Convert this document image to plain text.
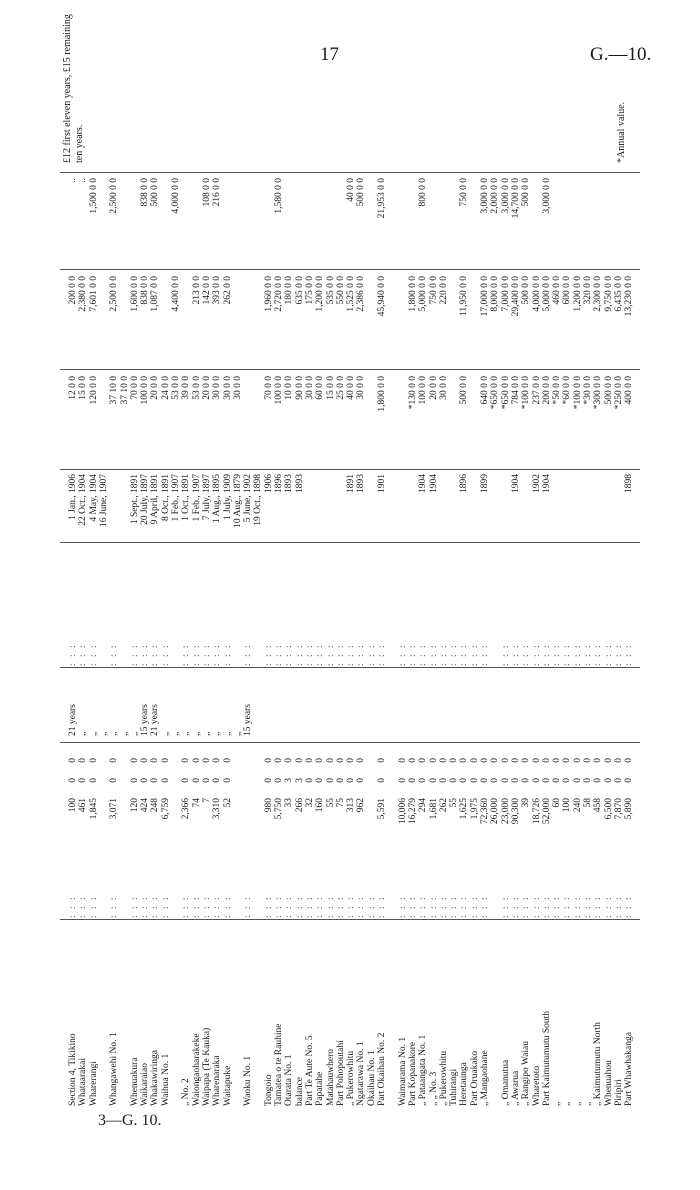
17	G.—10.
Section 4, Tikikino
: : :
100
0
0
21 years
: : :
1 Jan., 1906
12 0 0
200 0 0
..
Whataarakai
: : :
461
0
0
„
: : :
22 Oct., 1904
15 0 0
2,380 0 0
..
Wharerangi
: : :
1,845
0
0
„
: : :
4 May, 1904
120 0 0
7,601 0 0
1,500 0 0
„
16 June, 1907
Whangawehi No. 1
: : :
3,071
0
0
„
: : :
37 10 0
2,500 0 0
2,500 0 0
„
37 10 0
Whenuakura
: : :
120
0
0
„
: : :
1 Sept., 1891
70 0 0
1,600 0 0
Waikaraiao
: : :
424
0
0
15 years
: : :
20 July, 1897
100 0 0
838 0 0
838 0 0
Whakawiringa
: : :
248
0
0
21 years
: : :
9 April, 1891
20 0 0
1,087 0 0
500 0 0
Waihua No. 1
: : :
6,759
0
0
„
: : :
8 Oct., 1891
24 0 0
„
1 Feb., 1907
53 0 0
4,400 0 0
4,000 0 0
„ No. 2
: : :
2,366
0
0
„
: : :
1 Oct., 1891
39 0 0
Waiongaoharakeke
: : :
74
0
0
„
: : :
1 Feb., 1907
53 0 0
213 0 0
Waipapa (Te Kauka)
: : :
7
0
0
„
: : :
7 July, 1897
20 0 0
142 0 0
108 0 0
Wharenaraka
: : :
3,310
0
0
„
: : :
1 Aug., 1895
30 0 0
393 0 0
216 0 0
Waitapuke
: : :
52
0
0
„
: : :
1 July, 1909
30 0 0
262 0 0
„
10 Aug., 1879
30 0 0
Waoku No. 1
: : :
15 years
: : :
5 June, 1902 19 Oct., 1898
Tongoio
: : :
980
0
0
: : :
1906
70 0 0
1,960 0 0
Tamatea o te Rauhine
: : :
5,750
0
0
: : :
1896
100 0 0
2,720 0 0
1,580 0 0
Otarata No. 1
: : :
33
3
0
: : :
1893
10 0 0
180 0 0
balance
: : :
266
3
0
: : :
1893
90 0 0
635 0 0
Part Te Aute No. 5
: : :
32
0
0
: : :
30 0 0
175 0 0
Papatahe
: : :
160
0
0
: : :
60 0 0
1,200 0 0
Matahauwhero
: : :
55
0
0
: : :
15 0 0
535 0 0
Part Pohopoutahi
: : :
75
0
0
: : :
25 0 0
550 0 0
„ Pukerowhitu
: : :
313
0
0
: : :
1891
40 0 0
1,525 0 0
40 0 0
Ngatarawa No. 1
: : :
962
0
0
: : :
1893
30 0 0
2,386 0 0
500 0 0
Okaihau No. 1
: : :
: : :
Part Okaihau No. 2
: : :
5,591
0
0
: : :
1901
1,800 0 0
45,940 0 0
21,953 0 0
Waimarama No. 1
: : :
10,006
0
0
: : :
Part Kopanakore
: : :
16,279
0
0
: : :
*130 0 0
1,800 0 0
„ Pataangata No. 1
: : :
294
0
0
: : :
1904
100 0 0
5,000 0 0
800 0 0
„ „ No. 3
: : :
1,681
0
0
: : :
1904
20 0 0
750 0 0
„ Pukerowhitu
: : :
262
0
0
: : :
30 0 0
220 0 0
Tuhirangi
: : :
55
0
0
: : :
Heretaunga
: : :
1,625
0
0
: : :
1896
500 0 0
11,950 0 0
750 0 0
Part Oruakako
: : :
1,975
0
0
: : :
„ Mangaohane
: : :
72,360
0
0
: : :
1899
640 0 0
17,000 0 0
3,000 0 0
26,000
0
0
*650 0 0
8,000 0 0
2,000 0 0
„ Omanutua
: : :
23,000
0
0
: : :
*650 0 0
7,000 0 0
3,000 0 0
„ Awarua
: : :
90,300
0
0
: : :
1904
784 0 0
29,400 0 0
14,700 0 0
„ Rangipo Waiau
: : :
39
0
0
: : :
*100 0 0
500 0 0
500 0 0
Wharetoto
: : :
18,726
0
0
: : :
1902
237 0 0
4,000 0 0
Part Kaimutumutu South
: : :
52,000
0
0
: : :
1904
200 0 0
5,000 0 0
3,000 0 0
„
: : :
60
0
0
: : :
*50 0 0
460 0 0
„
: : :
100
0
0
: : :
*60 0 0
600 0 0
„
: : :
240
0
0
: : :
*100 0 0
1,200 0 0
„
: : :
58
0
0
: : :
*30 0 0
320 0 0
„ Kaimutumutu North
: : :
458
0
0
: : :
*300 0 0
2,300 0 0
Whenuahou
: : :
6,500
0
0
: : :
500 0 0
9,750 0 0
Piripiri
: : :
7,870
0
0
: : :
*250 0 0
6,435 0 0
Part Whawhakanga
: : :
5,890
0
0
: : :
1898
400 0 0
13,230 0 0
£12 first eleven years, £15 remaining ten years.	*Annual value.
3—G. 10.
